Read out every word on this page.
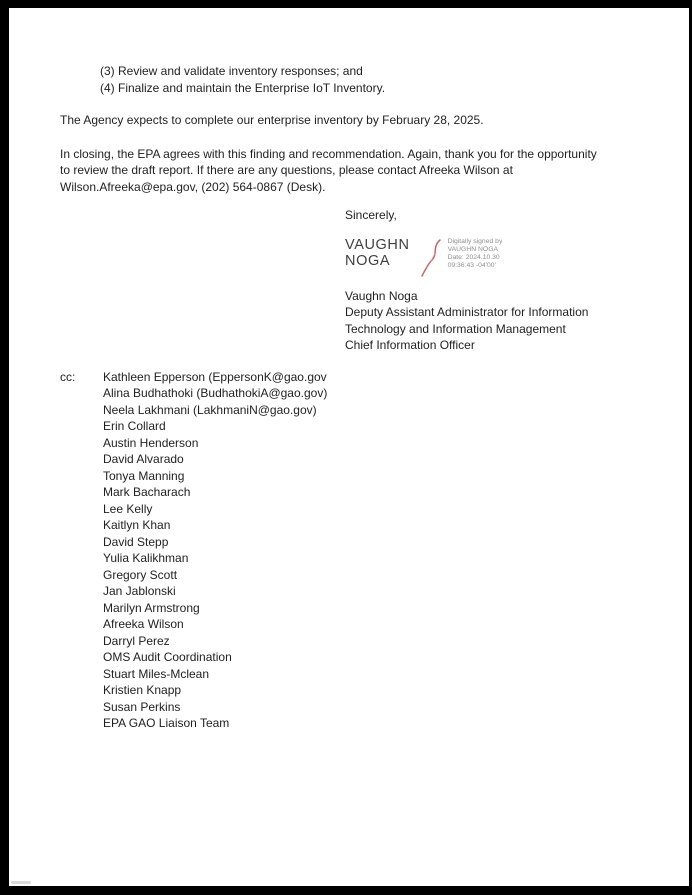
(3) Review and validate inventory responses; and
(4) Finalize and maintain the Enterprise IoT Inventory.

The Agency expects to complete our enterprise inventory by February 28, 2025.

In closing, the EPA agrees with this finding and recommendation. Again, thank you for the opportunity
to review the draft report. If there are any questions, please contact Afreeka Wilson at
Wilson.Afreeka@epa.gov, (202) 564-0867 (Desk).
Sincerely,
VAUGHN
NOGA
Digitally signed by
VAUGHN NOGA
Date: 2024.10.30
09:36:43 -04'00'
Vaughn Noga
Deputy Assistant Administrator for Information
Technology and Information Management
Chief Information Officer
cc:	Kathleen Epperson (EppersonK@gao.gov
Alina Budhathoki (BudhathokiA@gao.gov)
Neela Lakhmani (LakhmaniN@gao.gov)
Erin Collard
Austin Henderson
David Alvarado
Tonya Manning
Mark Bacharach
Lee Kelly
Kaitlyn Khan
David Stepp
Yulia Kalikhman
Gregory Scott
Jan Jablonski
Marilyn Armstrong
Afreeka Wilson
Darryl Perez
OMS Audit Coordination
Stuart Miles-Mclean
Kristien Knapp
Susan Perkins
EPA GAO Liaison Team
